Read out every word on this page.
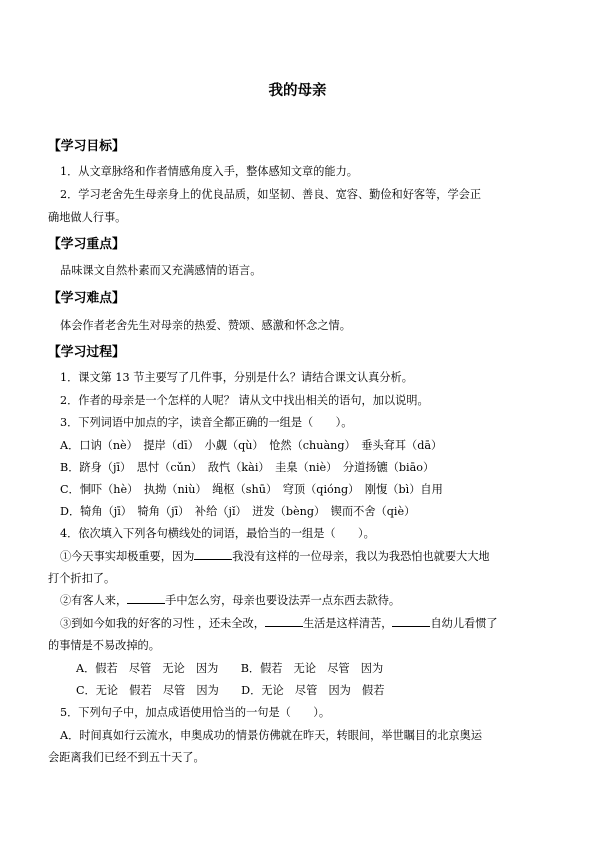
我的母亲
【学习目标】
1．从文章脉络和作者情感角度入手，整体感知文章的能力。
2．学习老舍先生母亲身上的优良品质，如坚韧、善良、宽容、勤俭和好客等，学会正
确地做人行事。
【学习重点】
品味课文自然朴素而又充满感情的语言。
【学习难点】
体会作者老舍先生对母亲的热爱、赞颂、感激和怀念之情。
【学习过程】
1．课文第 13 节主要写了几件事，分别是什么？请结合课文认真分析。
2．作者的母亲是一个怎样的人呢？ 请从文中找出相关的语句，加以说明。
3．下列词语中加点的字，读音全都正确的一组是（　　）。
A．口讷（nè）　提岸（dī）　小觑（qù）　怆然（chuàng）　垂头耷耳（dā）
B．跻身（jī）　思忖（cǔn）　敌忾（kài）　圭臬（niè）　分道扬镳（biāo）
C．恫吓（hè）　执拗（niù）　绳枢（shū）　穹顶（qióng）　刚愎（bì）自用
D．犄角（jī）　犄角（jī）　补给（jǐ）　迸发（bèng）　锲而不舍（qiè）
4．依次填入下列各句横线处的词语，最恰当的一组是（　　）。
①今天事实却极重要，因为	我没有这样的一位母亲，我以为我恐怕也就要大大地
打个折扣了。
②有客人来，	手中怎么穷，母亲也要设法弄一点东西去款待。
③到如今如我的好客的习性 ，还未全改，	生活是这样清苦，	自幼儿看惯了
的事情是不易改掉的。
A．假若　尽管　无论　因为　　B．假若　无论　尽管　因为
C．无论　假若　尽管　因为　　D．无论　尽管　因为　假若
5．下列句子中，加点成语使用恰当的一句是（　　）。
A．时间真如行云流水，申奥成功的情景仿佛就在昨天，转眼间，举世瞩目的北京奥运
会距离我们已经不到五十天了。
